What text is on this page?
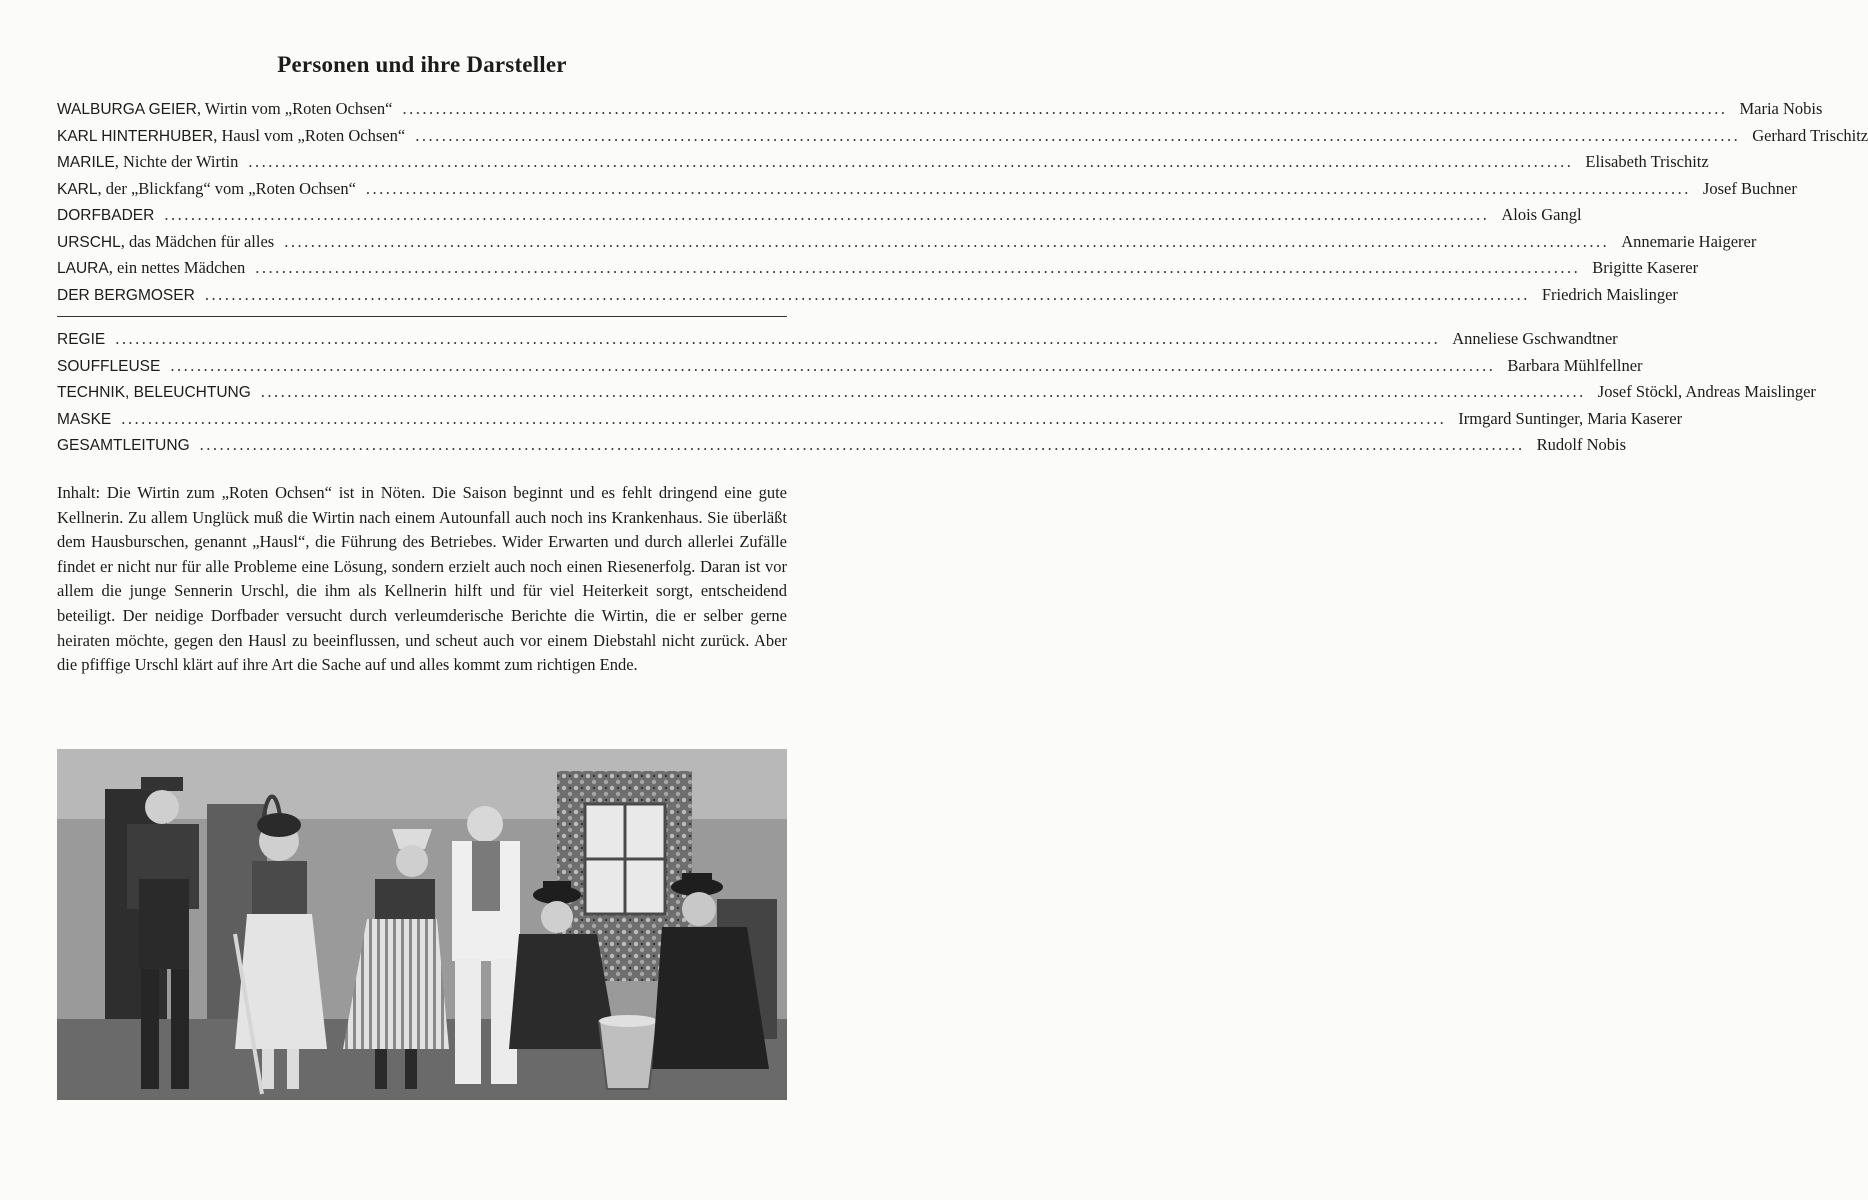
Personen und ihre Darsteller
WALBURGA GEIER, Wirtin vom „Roten Ochsen“ ........................................................................................................................................................................................................ Maria Nobis
KARL HINTERHUBER, Hausl vom „Roten Ochsen“ ........................................................................................................................................................................................................ Gerhard Trischitz
MARILE, Nichte der Wirtin ........................................................................................................................................................................................................ Elisabeth Trischitz
KARL, der „Blickfang“ vom „Roten Ochsen“ ........................................................................................................................................................................................................ Josef Buchner
DORFBADER ........................................................................................................................................................................................................ Alois Gangl
URSCHL, das Mädchen für alles ........................................................................................................................................................................................................ Annemarie Haigerer
LAURA, ein nettes Mädchen ........................................................................................................................................................................................................ Brigitte Kaserer
DER BERGMOSER ........................................................................................................................................................................................................ Friedrich Maislinger
REGIE ........................................................................................................................................................................................................ Anneliese Gschwandtner
SOUFFLEUSE ........................................................................................................................................................................................................ Barbara Mühlfellner
TECHNIK, BELEUCHTUNG ........................................................................................................................................................................................................ Josef Stöckl, Andreas Maislinger
MASKE ........................................................................................................................................................................................................ Irmgard Suntinger, Maria Kaserer
GESAMTLEITUNG ........................................................................................................................................................................................................ Rudolf Nobis

Inhalt: Die Wirtin zum „Roten Ochsen“ ist in Nöten. Die Saison beginnt und es fehlt dringend eine gute Kellnerin. Zu allem Unglück muß die Wirtin nach einem Autounfall auch noch ins Krankenhaus. Sie überläßt dem Hausburschen, genannt „Hausl“, die Führung des Betriebes. Wider Erwarten und durch allerlei Zufälle findet er nicht nur für alle Probleme eine Lösung, sondern erzielt auch noch einen Riesenerfolg. Daran ist vor allem die junge Sennerin Urschl, die ihm als Kellnerin hilft und für viel Heiterkeit sorgt, entscheidend beteiligt. Der neidige Dorfbader versucht durch verleumderische Berichte die Wirtin, die er selber gerne heiraten möchte, gegen den Hausl zu beeinflussen, und scheut auch vor einem Diebstahl nicht zurück. Aber die pfiffige Urschl klärt auf ihre Art die Sache auf und alles kommt zum richtigen Ende.
